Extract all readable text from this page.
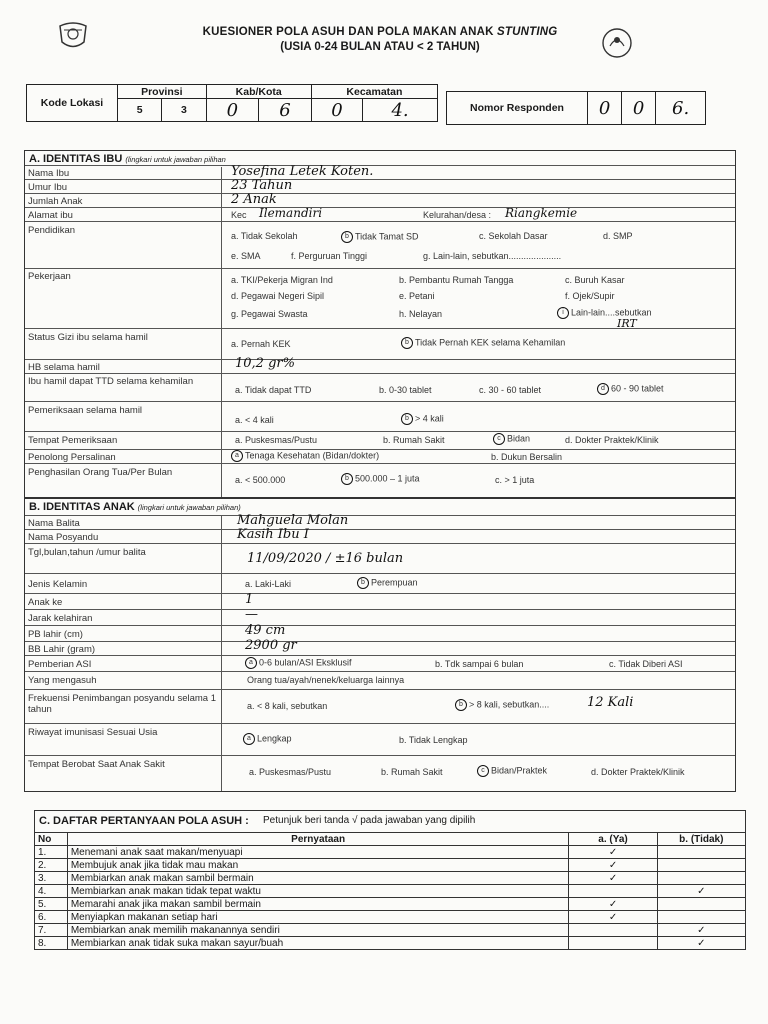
KUESIONER POLA ASUH DAN POLA MAKAN ANAK STUNTING
(USIA 0-24 BULAN ATAU < 2 TAHUN)
Kode Lokasi	Provinsi		Kab/Kota		Kecamatan	
	5	3	0	6	0	4.	Nomor Responden	0	0	6.
A. IDENTITAS IBU (lingkari untuk jawaban pilihan
Nama Ibu	Yosefina Letek Koten.
Umur Ibu	23 Tahun
Jumlah Anak	2 Anak
Alamat ibu	Kec Ilemandiri	Kelurahan/desa : Riangkemie
Pendidikan	a. Tidak Sekolah	b Tidak Tamat SD	c. Sekolah Dasar	d. SMP
e. SMA	f. Perguruan Tinggi	g. Lain-lain, sebutkan.....................
Pekerjaan	a. TKI/Pekerja Migran Ind	b. Pembantu Rumah Tangga	c. Buruh Kasar
d. Pegawai Negeri Sipil	e. Petani	f. Ojek/Supir
g. Pegawai Swasta	h. Nelayan	i Lain-lain....sebutkan
IRT
Status Gizi ibu selama hamil
a. Pernah KEK	b Tidak Pernah KEK selama Kehamilan
HB selama hamil	10,2 gr%
Ibu hamil dapat TTD selama kehamilan
a. Tidak dapat TTD	b. 0-30 tablet	c. 30 - 60 tablet	d 60 - 90 tablet
Pemeriksaan selama hamil
a. < 4 kali	b > 4 kali
Tempat Pemeriksaan	a. Puskesmas/Pustu	b. Rumah Sakit	c Bidan	d. Dokter Praktek/Klinik
Penolong Persalinan	a Tenaga Kesehatan (Bidan/dokter)	b. Dukun Bersalin
Penghasilan Orang Tua/Per Bulan
a. < 500.000	b 500.000 – 1 juta	c. > 1 juta
B. IDENTITAS ANAK (lingkari untuk jawaban pilihan)
Nama Balita	Mahguela Molan
Nama Posyandu	Kasih Ibu I
Tgl,bulan,tahun /umur balita	11/09/2020 / ±16 bulan
Jenis Kelamin	a. Laki-Laki	b Perempuan
Anak ke	1
Jarak kelahiran	—
PB lahir (cm)	49 cm
BB Lahir (gram)	2900 gr
Pemberian ASI	a 0-6 bulan/ASI Eksklusif	b. Tdk sampai 6 bulan	c. Tidak Diberi ASI
Yang mengasuh	Orang tua/ayah/nenek/keluarga lainnya
Frekuensi Penimbangan posyandu selama 1 tahun	a. < 8 kali, sebutkan	b > 8 kali, sebutkan....	12 Kali
Riwayat imunisasi Sesuai Usia
a Lengkap	b. Tidak Lengkap
Tempat Berobat Saat Anak Sakit
a. Puskesmas/Pustu	b. Rumah Sakit	c Bidan/Praktek	d. Dokter Praktek/Klinik
C. DAFTAR PERTANYAAN POLA ASUH : Petunjuk beri tanda √ pada jawaban yang dipilih
No	Pernyataan	a. (Ya)	b. (Tidak)
1.	Menemani anak saat makan/menyuapi	✓	
2.	Membujuk anak jika tidak mau makan	✓	
3.	Membiarkan anak makan sambil bermain	✓	
4.	Membiarkan anak makan tidak tepat waktu		✓
5.	Memarahi anak jika makan sambil bermain	✓	
6.	Menyiapkan makanan setiap hari	✓	
7.	Membiarkan anak memilih makanannya sendiri		✓
8.	Membiarkan anak tidak suka makan sayur/buah		✓
